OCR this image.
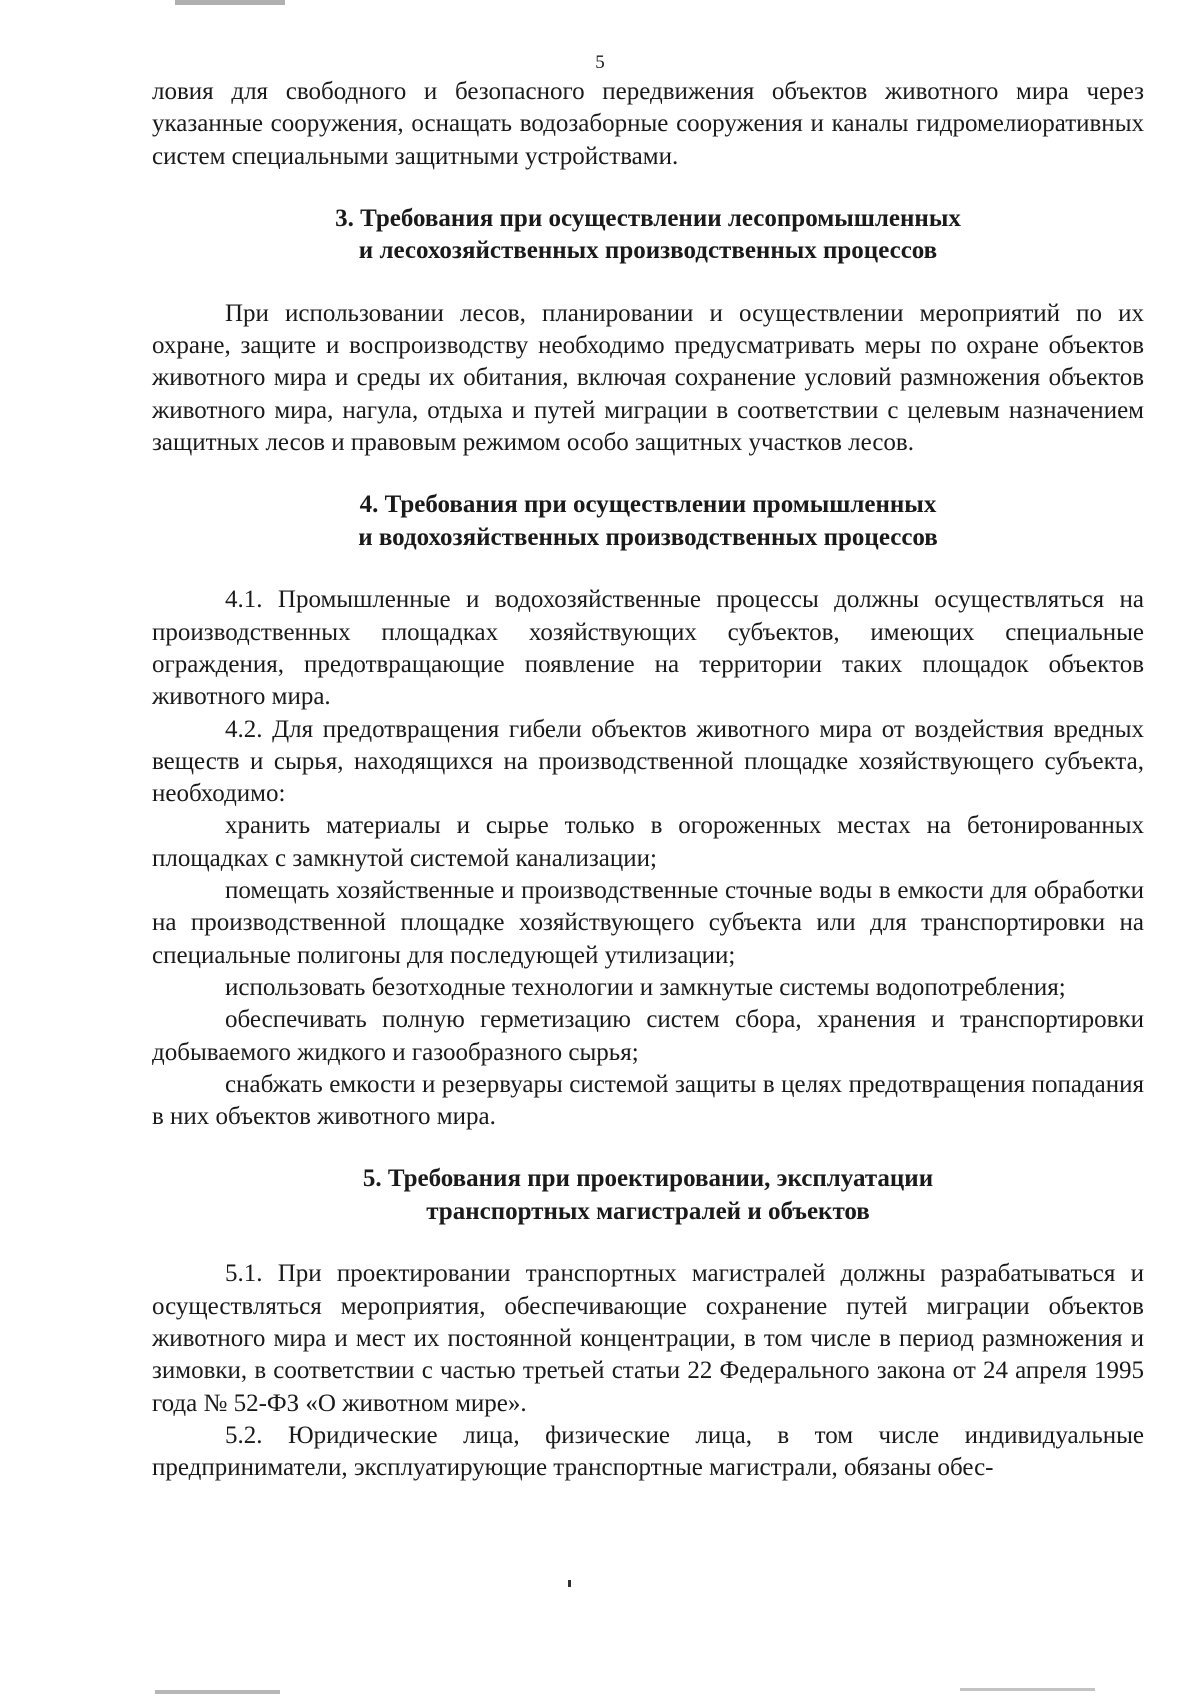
5

ловия для свободного и безопасного передвижения объектов животного мира через указанные сооружения, оснащать водозаборные сооружения и каналы гидромелиоративных систем специальными защитными устройствами.

3. Требования при осуществлении лесопромышленных
и лесохозяйственных производственных процессов

При использовании лесов, планировании и осуществлении мероприятий по их охране, защите и воспроизводству необходимо предусматривать меры по охране объектов животного мира и среды их обитания, включая сохранение условий размножения объектов животного мира, нагула, отдыха и путей миграции в соответствии с целевым назначением защитных лесов и правовым режимом особо защитных участков лесов.

4. Требования при осуществлении промышленных
и водохозяйственных производственных процессов

4.1. Промышленные и водохозяйственные процессы должны осуществляться на производственных площадках хозяйствующих субъектов, имеющих специальные ограждения, предотвращающие появление на территории таких площадок объектов животного мира.

4.2. Для предотвращения гибели объектов животного мира от воздействия вредных веществ и сырья, находящихся на производственной площадке хозяйствующего субъекта, необходимо:

хранить материалы и сырье только в огороженных местах на бетонированных площадках с замкнутой системой канализации;

помещать хозяйственные и производственные сточные воды в емкости для обработки на производственной площадке хозяйствующего субъекта или для транспортировки на специальные полигоны для последующей утилизации;

использовать безотходные технологии и замкнутые системы водопотребления;

обеспечивать полную герметизацию систем сбора, хранения и транспортировки добываемого жидкого и газообразного сырья;

снабжать емкости и резервуары системой защиты в целях предотвращения попадания в них объектов животного мира.

5. Требования при проектировании, эксплуатации
транспортных магистралей и объектов

5.1. При проектировании транспортных магистралей должны разрабатываться и осуществляться мероприятия, обеспечивающие сохранение путей миграции объектов животного мира и мест их постоянной концентрации, в том числе в период размножения и зимовки, в соответствии с частью третьей статьи 22 Федерального закона от 24 апреля 1995 года № 52-ФЗ «О животном мире».

5.2. Юридические лица, физические лица, в том числе индивидуальные предприниматели, эксплуатирующие транспортные магистрали, обязаны обес-
